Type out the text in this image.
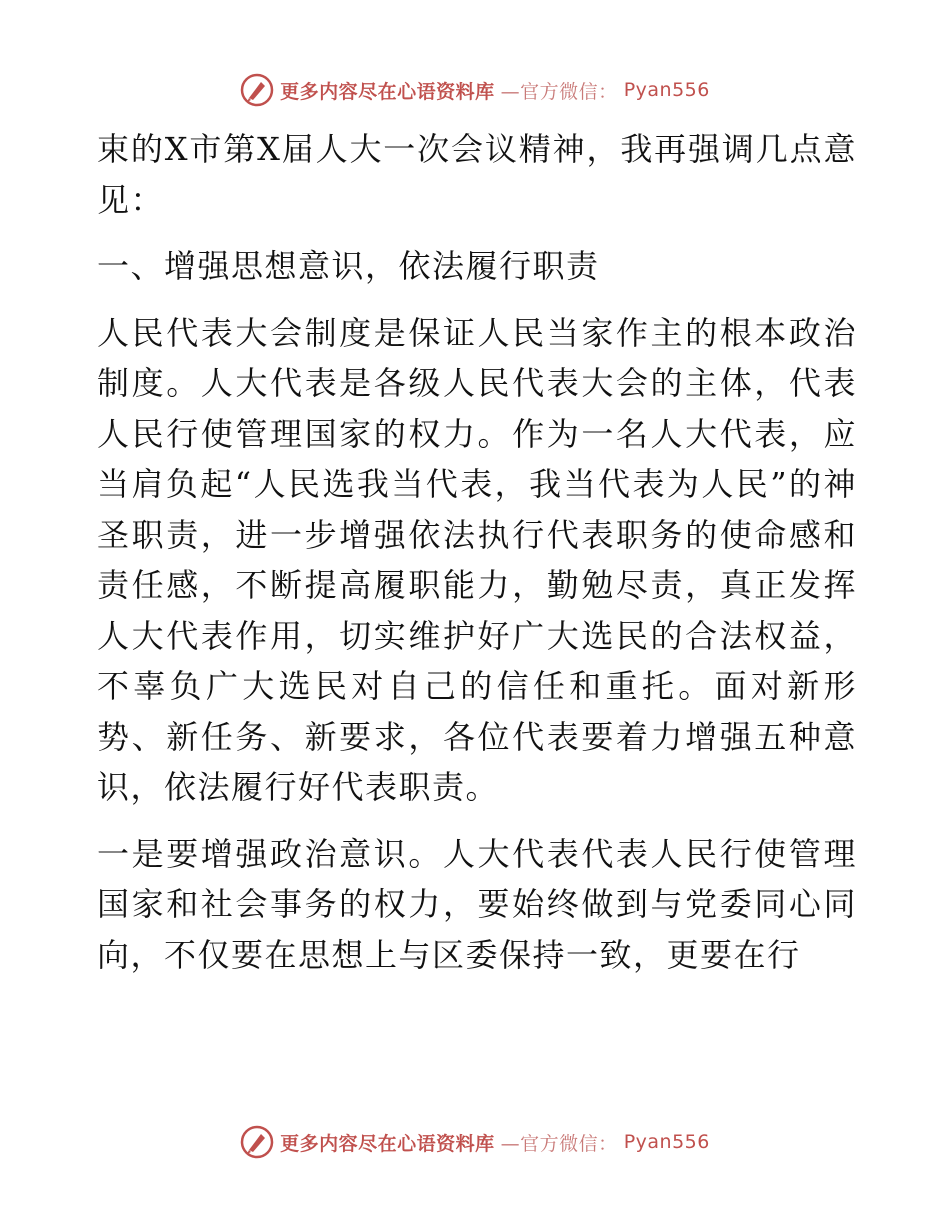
更多内容尽在心语资料库 —官方微信： Pyan556

束的X市第X届人大一次会议精神，我再强调几点意见：

一、增强思想意识，依法履行职责

人民代表大会制度是保证人民当家作主的根本政治制度。人大代表是各级人民代表大会的主体，代表人民行使管理国家的权力。作为一名人大代表，应当肩负起“人民选我当代表，我当代表为人民”的神圣职责，进一步增强依法执行代表职务的使命感和责任感，不断提高履职能力，勤勉尽责，真正发挥人大代表作用，切实维护好广大选民的合法权益，不辜负广大选民对自己的信任和重托。面对新形势、新任务、新要求，各位代表要着力增强五种意识，依法履行好代表职责。

一是要增强政治意识。人大代表代表人民行使管理国家和社会事务的权力，要始终做到与党委同心同向，不仅要在思想上与区委保持一致，更要在行

更多内容尽在心语资料库 —官方微信： Pyan556
